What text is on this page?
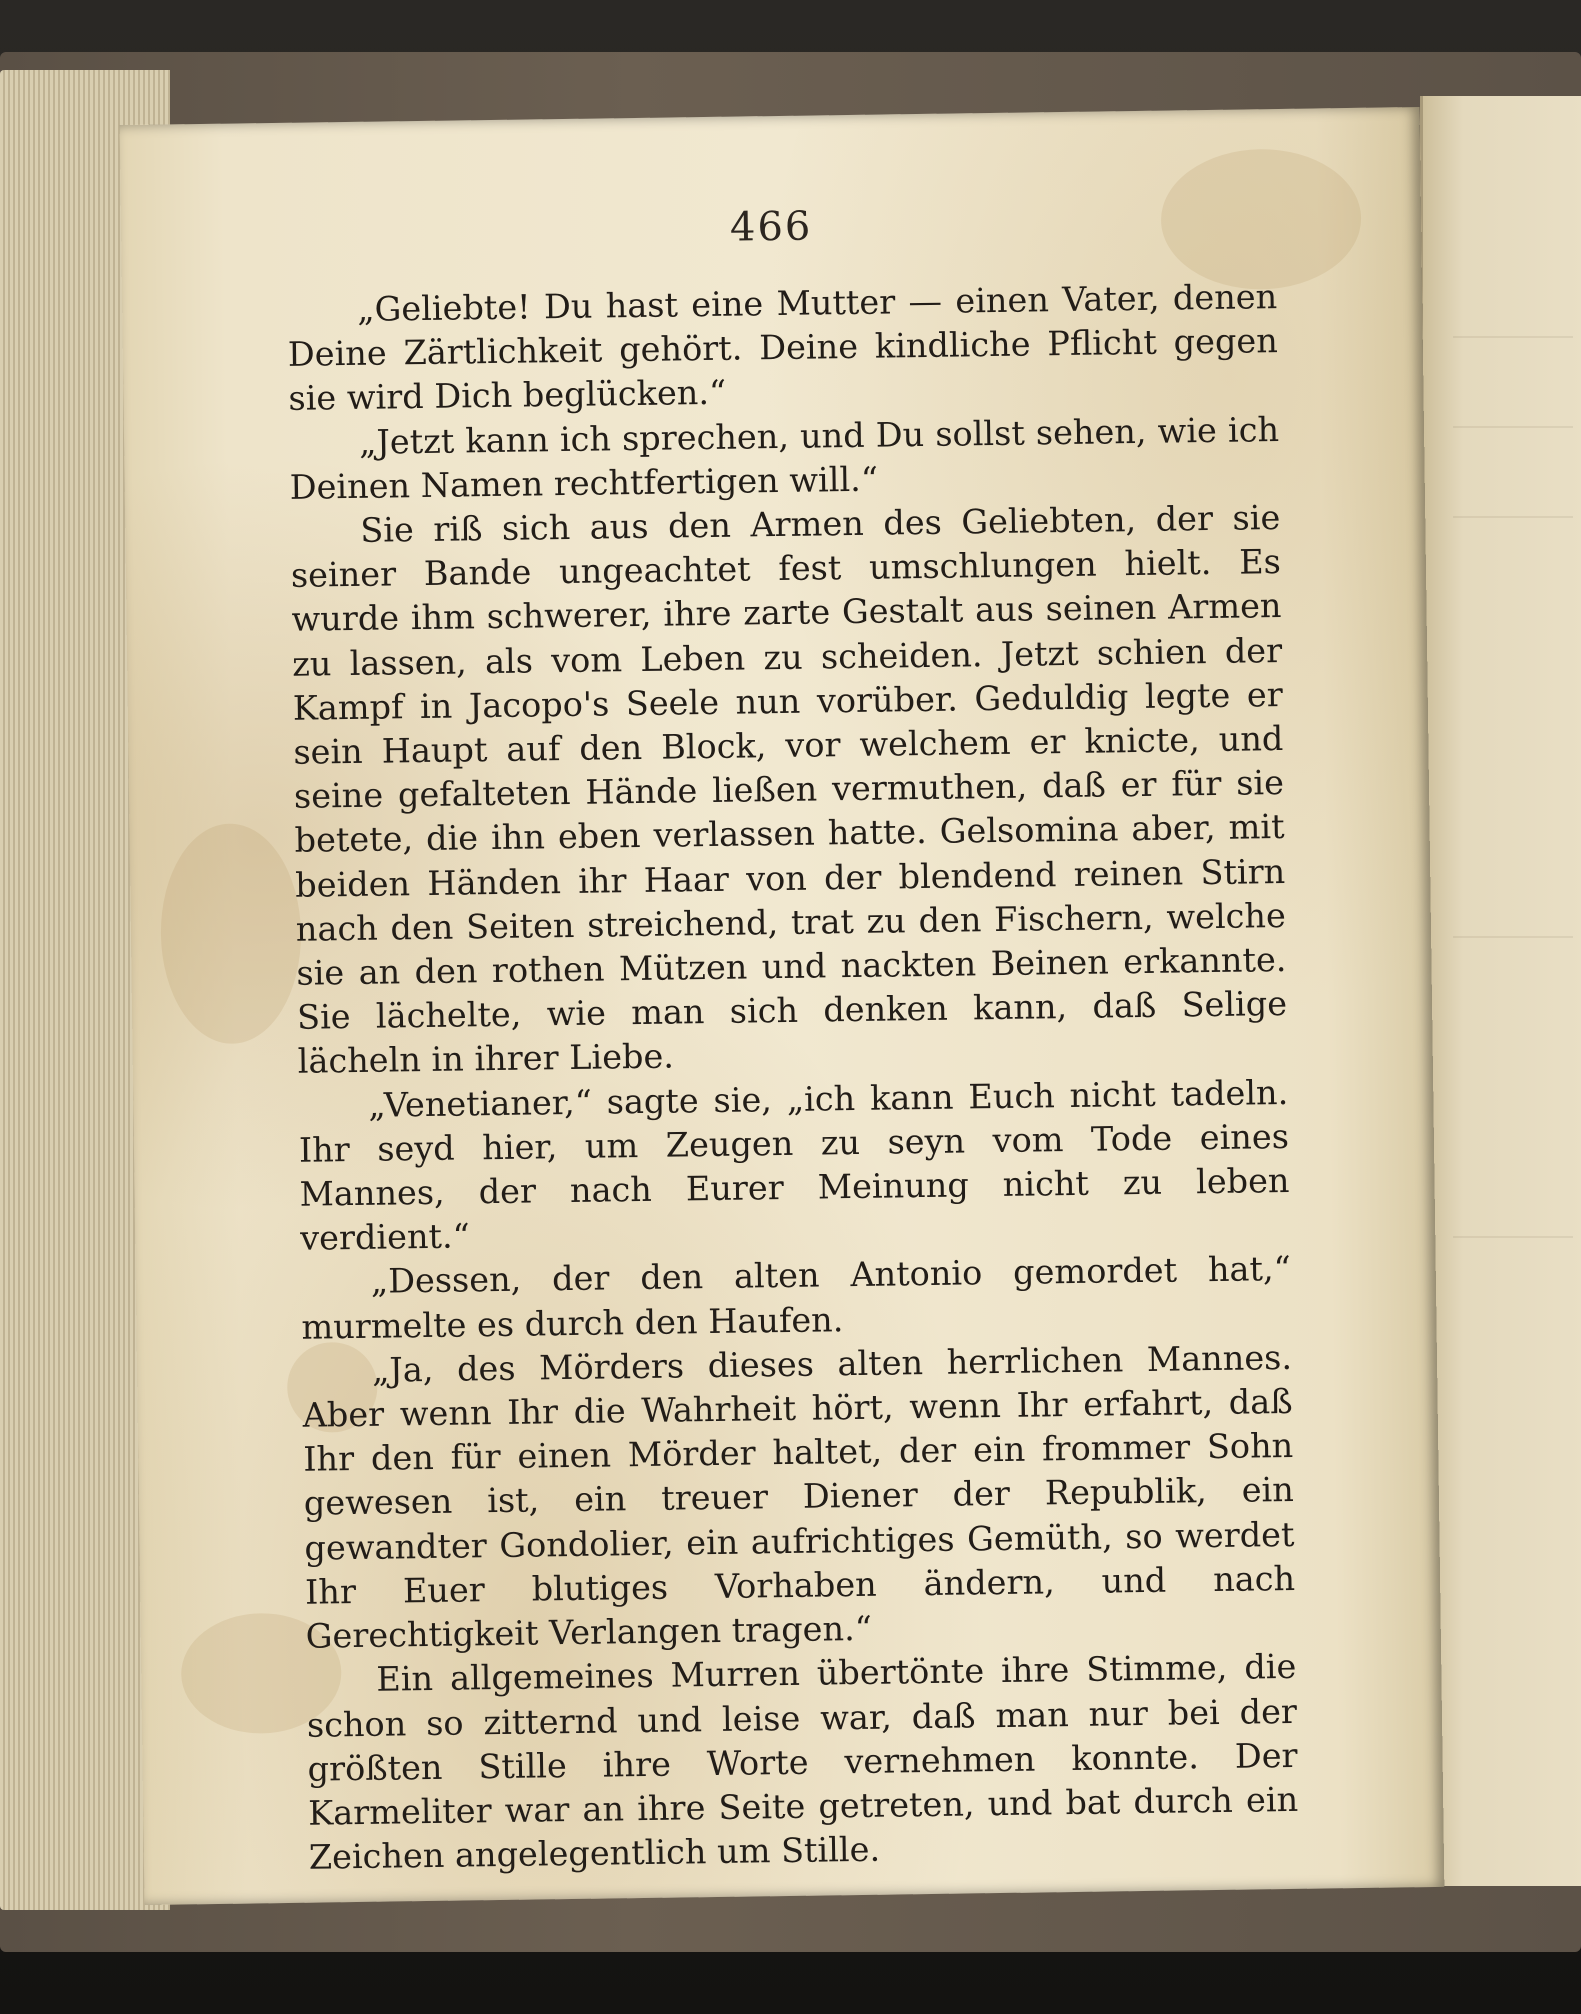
466

„Geliebte! Du hast eine Mutter — einen Vater, denen Deine Zärtlichkeit gehört. Deine kindliche Pflicht gegen sie wird Dich beglücken.“

„Jetzt kann ich sprechen, und Du sollst sehen, wie ich Deinen Namen rechtfertigen will.“

Sie riß sich aus den Armen des Geliebten, der sie seiner Bande ungeachtet fest umschlungen hielt. Es wurde ihm schwerer, ihre zarte Gestalt aus seinen Armen zu lassen, als vom Leben zu scheiden. Jetzt schien der Kampf in Jacopo's Seele nun vorüber. Geduldig legte er sein Haupt auf den Block, vor welchem er knicte, und seine gefalteten Hände ließen vermuthen, daß er für sie betete, die ihn eben verlassen hatte. Gelsomina aber, mit beiden Händen ihr Haar von der blendend reinen Stirn nach den Seiten streichend, trat zu den Fischern, welche sie an den rothen Mützen und nackten Beinen erkannte. Sie lächelte, wie man sich denken kann, daß Selige lächeln in ihrer Liebe.

„Venetianer,“ sagte sie, „ich kann Euch nicht tadeln. Ihr seyd hier, um Zeugen zu seyn vom Tode eines Mannes, der nach Eurer Meinung nicht zu leben verdient.“

„Dessen, der den alten Antonio gemordet hat,“ murmelte es durch den Haufen.

„Ja, des Mörders dieses alten herrlichen Mannes. Aber wenn Ihr die Wahrheit hört, wenn Ihr erfahrt, daß Ihr den für einen Mörder haltet, der ein frommer Sohn gewesen ist, ein treuer Diener der Republik, ein gewandter Gondolier, ein aufrichtiges Gemüth, so werdet Ihr Euer blutiges Vorhaben ändern, und nach Gerechtigkeit Verlangen tragen.“

Ein allgemeines Murren übertönte ihre Stimme, die schon so zitternd und leise war, daß man nur bei der größten Stille ihre Worte vernehmen konnte. Der Karmeliter war an ihre Seite getreten, und bat durch ein Zeichen angelegentlich um Stille.
